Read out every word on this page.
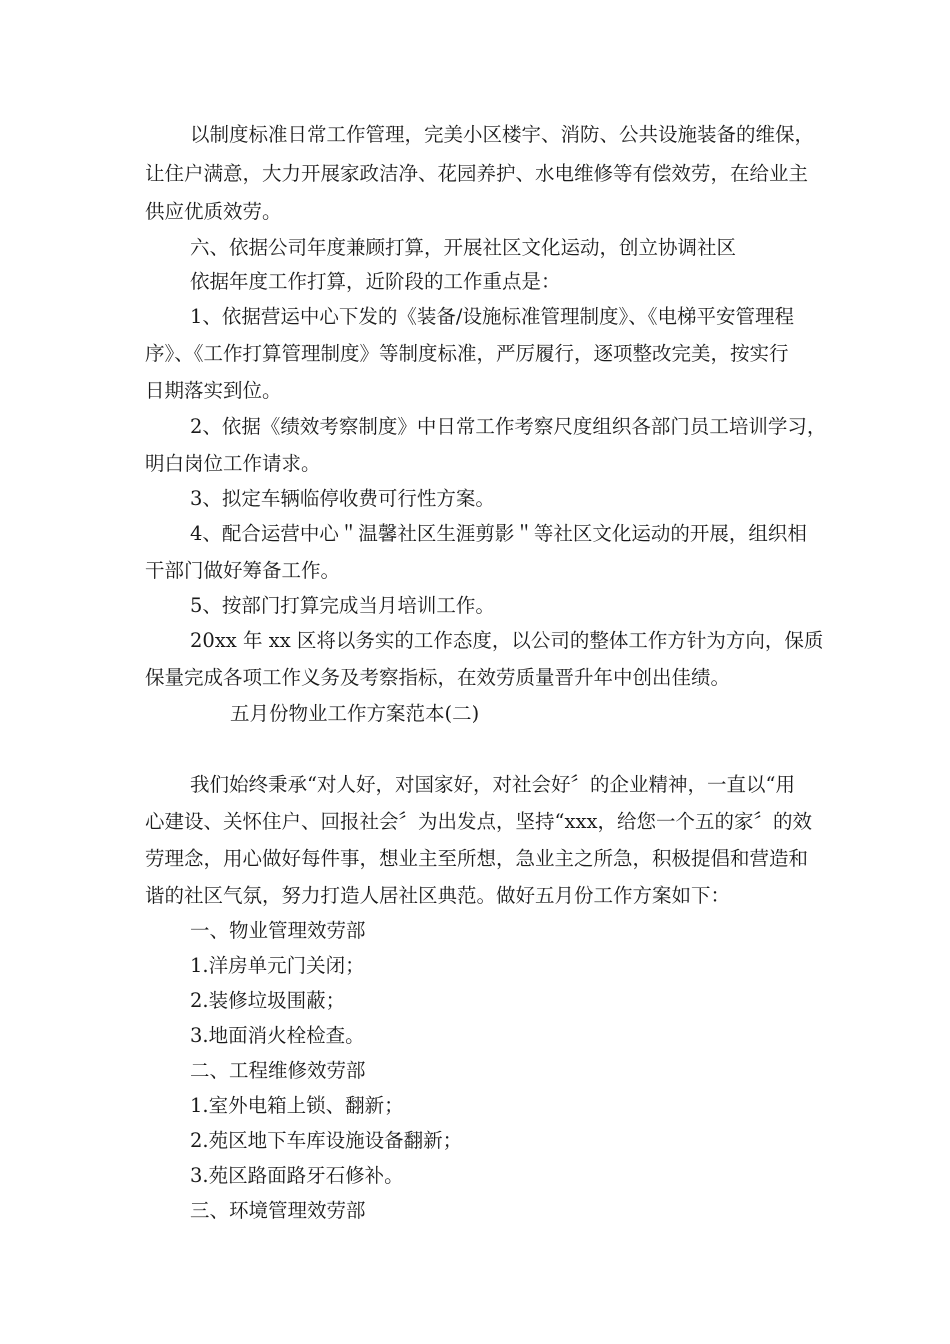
以制度标准日常工作管理，完美小区楼宇、消防、公共设施装备的维保，
让住户满意，大力开展家政洁净、花园养护、水电维修等有偿效劳，在给业主
供应优质效劳。
六、依据公司年度兼顾打算，开展社区文化运动，创立协调社区
依据年度工作打算，近阶段的工作重点是：
1、依据营运中心下发的《装备/设施标准管理制度》、《电梯平安管理程
序》、《工作打算管理制度》等制度标准，严厉履行，逐项整改完美，按实行
日期落实到位。
2、依据《绩效考察制度》中日常工作考察尺度组织各部门员工培训学习，
明白岗位工作请求。
3、拟定车辆临停收费可行性方案。
4、配合运营中心＂温馨社区生涯剪影＂等社区文化运动的开展，组织相
干部门做好筹备工作。
5、按部门打算完成当月培训工作。
20xx 年 xx 区将以务实的工作态度，以公司的整体工作方针为方向，保质
保量完成各项工作义务及考察指标，在效劳质量晋升年中创出佳绩。
五月份物业工作方案范本(二)
我们始终秉承“对人好，对国家好，对社会好〞的企业精神，一直以“用
心建设、关怀住户、回报社会〞为出发点，坚持“xxx，给您一个五的家〞的效
劳理念，用心做好每件事，想业主至所想，急业主之所急，积极提倡和营造和
谐的社区气氛，努力打造人居社区典范。做好五月份工作方案如下：
一、物业管理效劳部
1.洋房单元门关闭；
2.装修垃圾围蔽；
3.地面消火栓检查。
二、工程维修效劳部
1.室外电箱上锁、翻新；
2.苑区地下车库设施设备翻新；
3.苑区路面路牙石修补。
三、环境管理效劳部
